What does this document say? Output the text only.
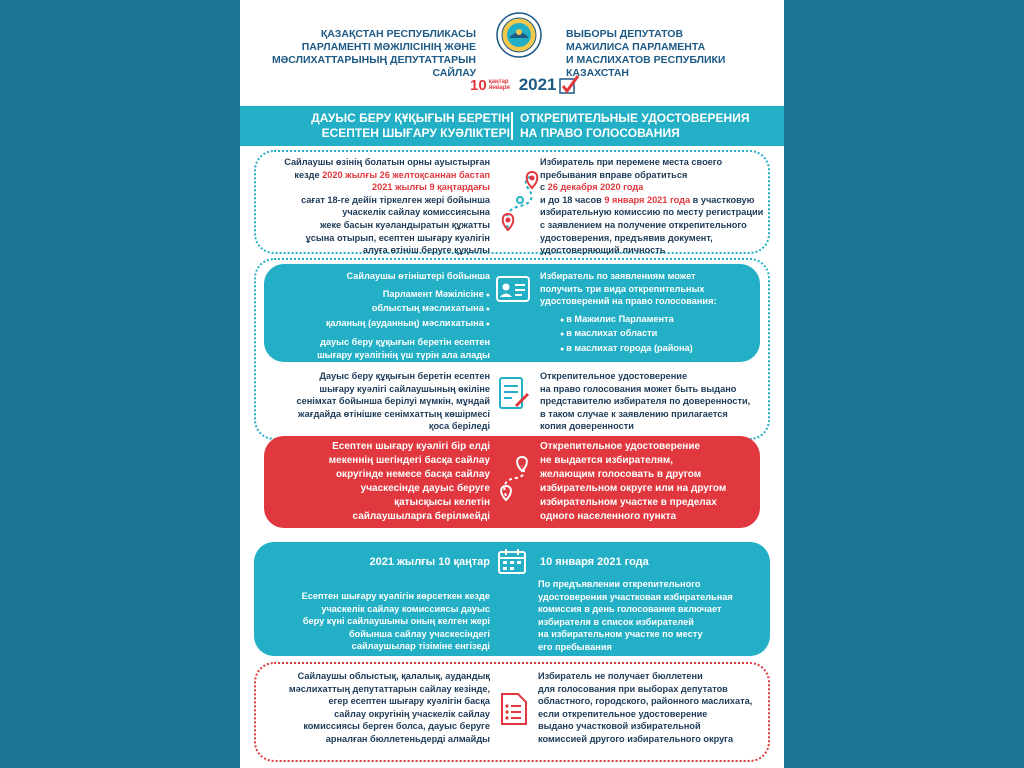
ҚАЗАҚСТАН РЕСПУБЛИКАСЫ
ПАРЛАМЕНТІ МӘЖІЛІСІНІҢ ЖӘНЕ
МӘСЛИХАТТАРЫНЫҢ ДЕПУТАТТАРЫН САЙЛАУ
ВЫБОРЫ ДЕПУТАТОВ
МАЖИЛИСА ПАРЛАМЕНТА
И МАСЛИХАТОВ РЕСПУБЛИКИ КАЗАХСТАН
10 қаңтар
января 2021
ДАУЫС БЕРУ ҚҰҚЫҒЫН БЕРЕТІН
ЕСЕПТЕН ШЫҒАРУ КУӘЛІКТЕРІ
ОТКРЕПИТЕЛЬНЫЕ УДОСТОВЕРЕНИЯ
НА ПРАВО ГОЛОСОВАНИЯ
Сайлаушы өзінің болатын орны ауыстырған
кезде 2020 жылғы 26 желтоқсаннан бастап
2021 жылғы 9 қаңтардағы
сағат 18-ге дейін тіркелген жері бойынша
учаскелік сайлау комиссиясына
жеке басын куәландыратын құжатты
ұсына отырып, есептен шығару куәлігін
алуға өтініш беруге құқылы
Избиратель при перемене места своего
пребывания вправе обратиться
с 26 декабря 2020 года
и до 18 часов 9 января 2021 года в участковую
избирательную комиссию по месту регистрации
с заявлением на получение открепительного
удостоверения, предъявив документ,
удостоверяющий личность
Сайлаушы өтініштері бойынша
Парламент Мәжілісіне ●
облыстың мәслихатына ●
қаланың (ауданның) мәслихатына ●
дауыс беру құқығын беретін есептен
шығару куәлігінің үш түрін ала алады
Избиратель по заявлениям может
получить три вида открепительных
удостоверений на право голосования:
● в Мажилис Парламента
● в маслихат области
● в маслихат города (района)
Дауыс беру құқығын беретін есептен
шығару куәлігі сайлаушының өкіліне
сенімхат бойынша берілуі мүмкін, мұндай
жағдайда өтінішке сенімхаттың көшірмесі
қоса беріледі
Открепительное удостоверение
на право голосования может быть выдано
представителю избирателя по доверенности,
в таком случае к заявлению прилагается
копия доверенности
Есептен шығару куәлігі бір елді
мекеннің шегіндегі басқа сайлау
округінде немесе басқа сайлау
учаскесінде дауыс беруге
қатысқысы келетін
сайлаушыларға берілмейді
Открепительное удостоверение
не выдается избирателям,
желающим голосовать в другом
избирательном округе или на другом
избирательном участке в пределах
одного населенного пункта
2021 жылғы 10 қаңтар	10 января 2021 года
Есептен шығару куәлігін көрсеткен кезде
учаскелік сайлау комиссиясы дауыс
беру күні сайлаушыны оның келген жері
бойынша сайлау учаскесіндегі
сайлаушылар тізіміне енгізеді
По предъявлении открепительного
удостоверения участковая избирательная
комиссия в день голосования включает
избирателя в список избирателей
на избирательном участке по месту
его пребывания
Сайлаушы облыстық, қалалық, аудандық
мәслихаттың депутаттарын сайлау кезінде,
егер есептен шығару куәлігін басқа
сайлау округінің учаскелік сайлау
комиссиясы берген болса, дауыс беруге
арналған бюллетеньдерді алмайды
Избиратель не получает бюллетени
для голосования при выборах депутатов
областного, городского, районного маслихата,
если открепительное удостоверение
выдано участковой избирательной
комиссией другого избирательного округа
